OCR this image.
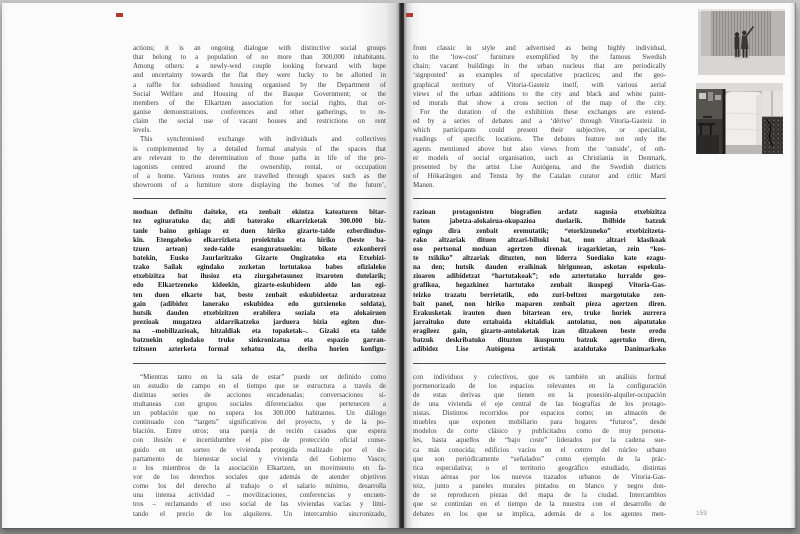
actions; it is an ongoing dialogue with distinctive social groups
that belong to a population of no more than 300,000 inhabitants.
Among others: a newly-wed couple looking forward with hope
and uncertainty towards the flat they were lucky to be allotted in
a raffle for subsidised housing organised by the Department of
Social Welfare and Housing of the Basque Government; or the
members of the Elkartzen association for social rights, that or-
ganise demonstrations, conferences and other gatherings, to re-
claim the social use of vacant houses and restrictions on rent
levels.
 This synchronised exchange with individuals and collectives
is complemented by a detailed formal analysis of the spaces that
are relevant to the determination of those paths in life of the pro-
tagonists centred around the ownership, rental, or occupation
of a home. Various routes are travelled through spaces such as the
showroom of a furniture store displaying the homes ‘of the future’,
moduan definitu daiteke, eta zenbait ekintza kateaturen bitar-
tez egituratuko da; aldi baterako elkarrizketak 300.000 biz-
tanle baino gehiago ez duen hiriko gizarte-talde ezberdindue-
kin. Etengabeko elkarrizketa proiektuko eta hiriko (beste ba-
tzuen artean) xede-talde esanguratsuekin: bikote ezkonberri
batekin, Eusko Jaurlaritzako Gizarte Ongizateko eta Etxebizi-
tzako Sailak egindako zozketan lortutakoa babes ofizialeko
etxebizitza bat ilusioz eta ziurgabetasunez itxaroten dutelarik;
edo Elkartzeneko kideekin, gizarte-eskubideen alde lan egi-
ten duen elkarte bat, beste zenbait eskubideetaz arduratzeaz
gain (adibidez lanerako eskubidea edo gutxieneko soldata),
hutsik dauden etxebizitzen erabilera soziala eta alokairuen
prezioak mugatzea aldarrikatzeko jarduera bizia egiten due-
na –mobilizazioak, hitzaldiak eta topaketak–. Gizaki eta talde
batzuekin egindako truke sinkronizatua eta espazio garran-
tzitsuen azterketa formal xehatua da, deriba horien konfigu-
 “Mientras tanto en la sala de estar” puede ser definido como
un estudio de campo en el tiempo que se estructura a través de
distintas series de acciones encadenadas; conversaciones si-
multaneas con grupos sociales diferenciados que pertenecen a
un población que no supera los 300.000 habitantes. Un diálogo
continuado con “targets” significativos del proyecto, y de la po-
blación. Entre otros; una pareja de recién casados que espera
con ilusión e incertidumbre el piso de protección oficial conse-
guido en un sorteo de vivienda protegida realizado por el de-
partamento de bienestar social y vivienda del Gobierno Vasco;
o los miembros de la asociación Elkartzen, un movimiento en fa-
vor de los derechos sociales que además de atender objetivos
como los del derecho al trabajo o el salario mínimo, desarrolla
una intensa actividad – movilizaciones, conferencias y encuen-
tros – reclamando el uso social de las viviendas vacías y limi-
tando el precio de los alquileres. Un intercambio sincronizado,
from classic in style and advertised as being highly individual,
to the ‘low-cost’ furniture exemplified by the famous Swedish
chain; vacant buildings in the urban nucleus that are periodically
‘signposted’ as examples of speculative practices; and the geo-
graphical territory of Vitoria-Gasteiz itself, with various aerial
views of the urban additions to the city and black and white paint-
ed murals that show a cross section of the map of the city.
 For the duration of the exhibition these exchanges are extend-
ed by a series of debates and a ‘dérive’ through Vitoria-Gasteiz in
which participants could present their subjective, or specialist,
readings of specific locations. The debates feature not only the
agents mentioned above but also views from the ‘outside’, of oth-
er models of social organisation, such as Christiania in Denmark,
presented by the artist Lise Autógena, and the Swedish districts
of Hökarängen and Tensta by the Catalan curator and critic Martí
Manen.
razioan protagonisten biografien ardatz nagusia etxebizitza
baten jabetza-alokairua-okupazioa duelarik. Ibilbide batzuk
egingo dira zenbait eremutatik; “etorkizuneko” etxebizitzeta-
rako altzariak dituen altzari-biltoki bat, non altzari klasikoak
oso pertsonal moduan agertzen direnak iragarkietan, zein “kos-
te txikiko” altzariak dituzten, non liderra Suediako kate ezagu-
na den; hutsik dauden eraikinak hirigunean, askotan espekula-
zioaren adibidetzat “hartutakoak”; edo aztertutako lurralde geo-
grafikoa, hegazkinez hartutako zenbait ikuspegi Vitoria-Gas-
teizko trazatu berrietatik, edo zuri-beltzez margotutako zen-
bait panel, non hiriko maparen zenbait pieza agertzen diren.
Erakusketak irauten duen bitartean ere, truke horiek aurrera
jarraituko dute eztabaida ekitaldiak antolatuz, non aipatutako
eragileez gain, gizarte-antolaketak izan ditzakeen beste eredu
batzuk deskribatuko dituzten ikuspuntu batzuk agertuko diren,
adibidez Lise Autógena artistak azaldutako Danimarkako
con individuos y colectivos, que es también un análisis formal
pormenorizado de los espacios relevantes en la configuración
de estas derivas que tienen en la posesión-alquiler-ocupación
de una vivienda el eje central de las biografías de los protago-
nistas. Distintos recorridos por espacios como; un almacén de
muebles que exponen mobiliario para hogares “futuros”, desde
modelos de corte clásico y publicitados como de muy persona-
les, hasta aquellos de “bajo coste” liderados por la cadena sue-
ca más conocida; edificios vacíos en el centro del núcleo urbano
que son periódicamente “señalados” como ejemplo de la prác-
tica especulativa; o el territorio geográfico estudiado, distintas
vistas aéreas por los nuevos trazados urbanos de Vitoria-Gas-
teiz, junto a paneles murales pintados en blanco y negro don-
de se reproducen piezas del mapa de la ciudad. Intercambios
que se continúan en el tiempo de la muestra con el desarrollo de
debates en los que se implica, además de a los agentes men-	159
